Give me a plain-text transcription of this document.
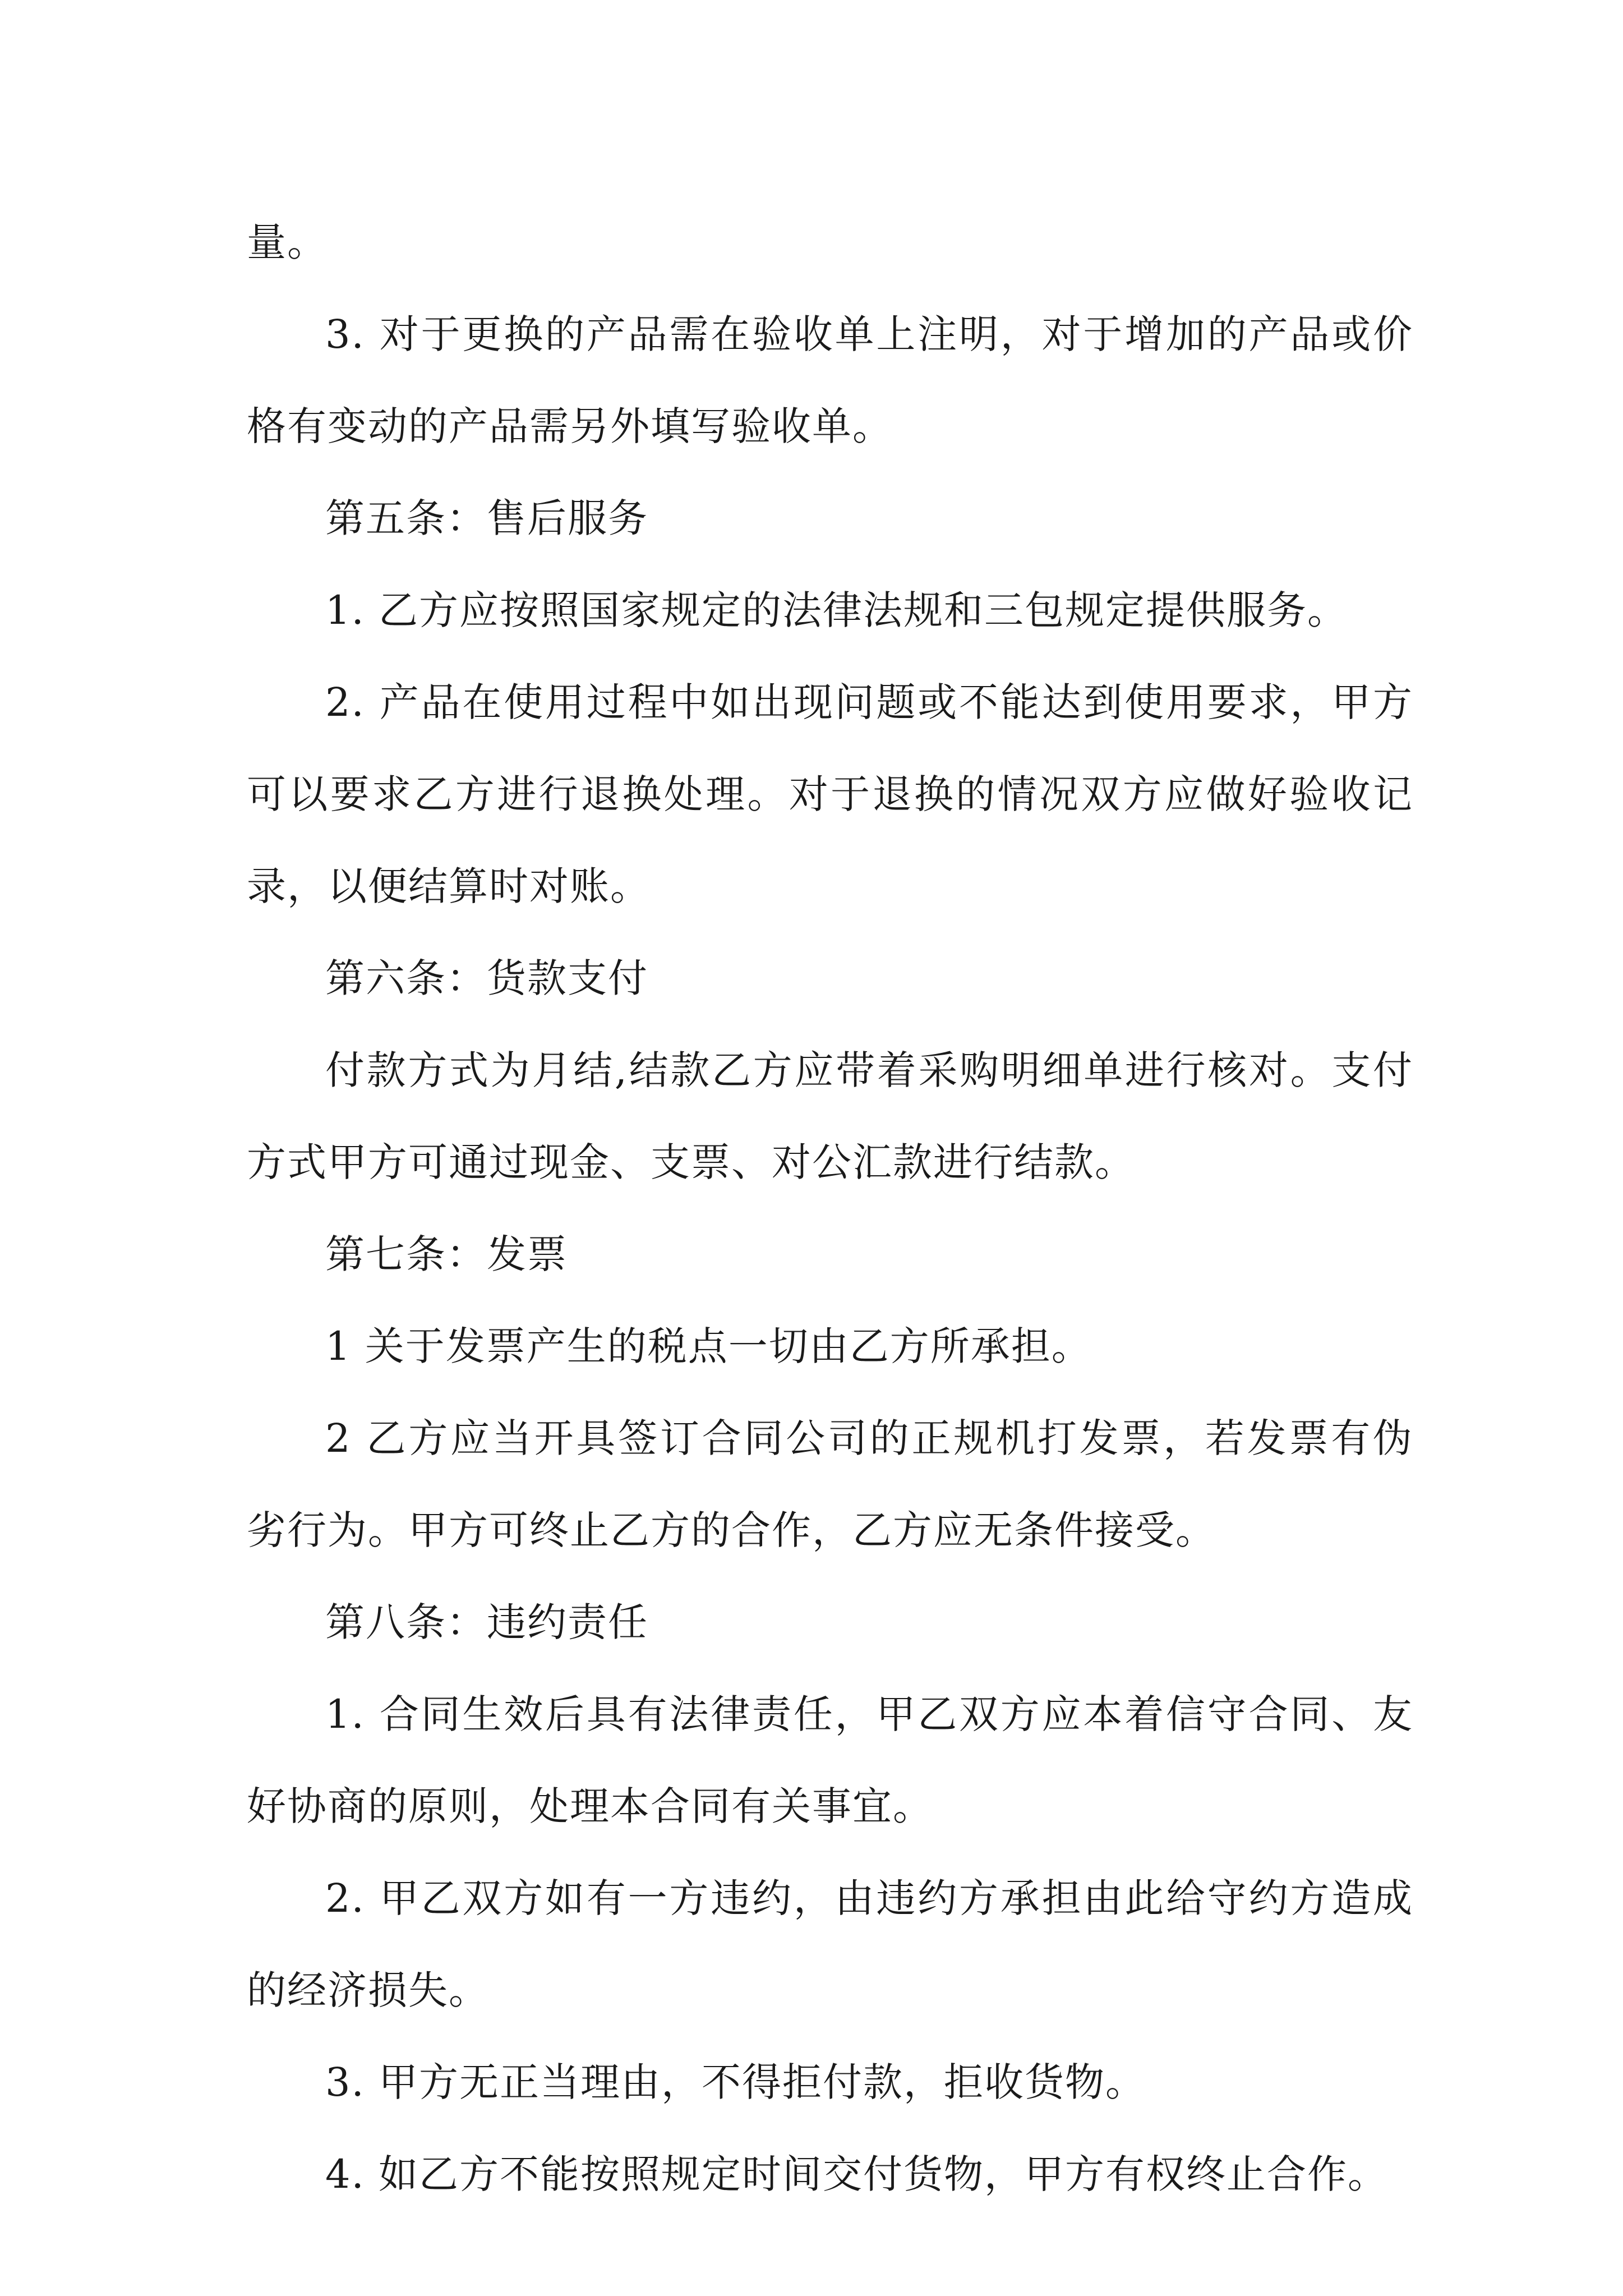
量。

3. 对于更换的产品需在验收单上注明，对于增加的产品或价格有变动的产品需另外填写验收单。

第五条：售后服务

1. 乙方应按照国家规定的法律法规和三包规定提供服务。

2. 产品在使用过程中如出现问题或不能达到使用要求，甲方可以要求乙方进行退换处理。对于退换的情况双方应做好验收记录，以便结算时对账。

第六条：货款支付

付款方式为月结,结款乙方应带着采购明细单进行核对。支付方式甲方可通过现金、支票、对公汇款进行结款。

第七条：发票

1 关于发票产生的税点一切由乙方所承担。

2 乙方应当开具签订合同公司的正规机打发票，若发票有伪劣行为。甲方可终止乙方的合作，乙方应无条件接受。

第八条：违约责任

1. 合同生效后具有法律责任，甲乙双方应本着信守合同、友好协商的原则，处理本合同有关事宜。

2. 甲乙双方如有一方违约，由违约方承担由此给守约方造成的经济损失。

3. 甲方无正当理由，不得拒付款，拒收货物。

4. 如乙方不能按照规定时间交付货物，甲方有权终止合作。
